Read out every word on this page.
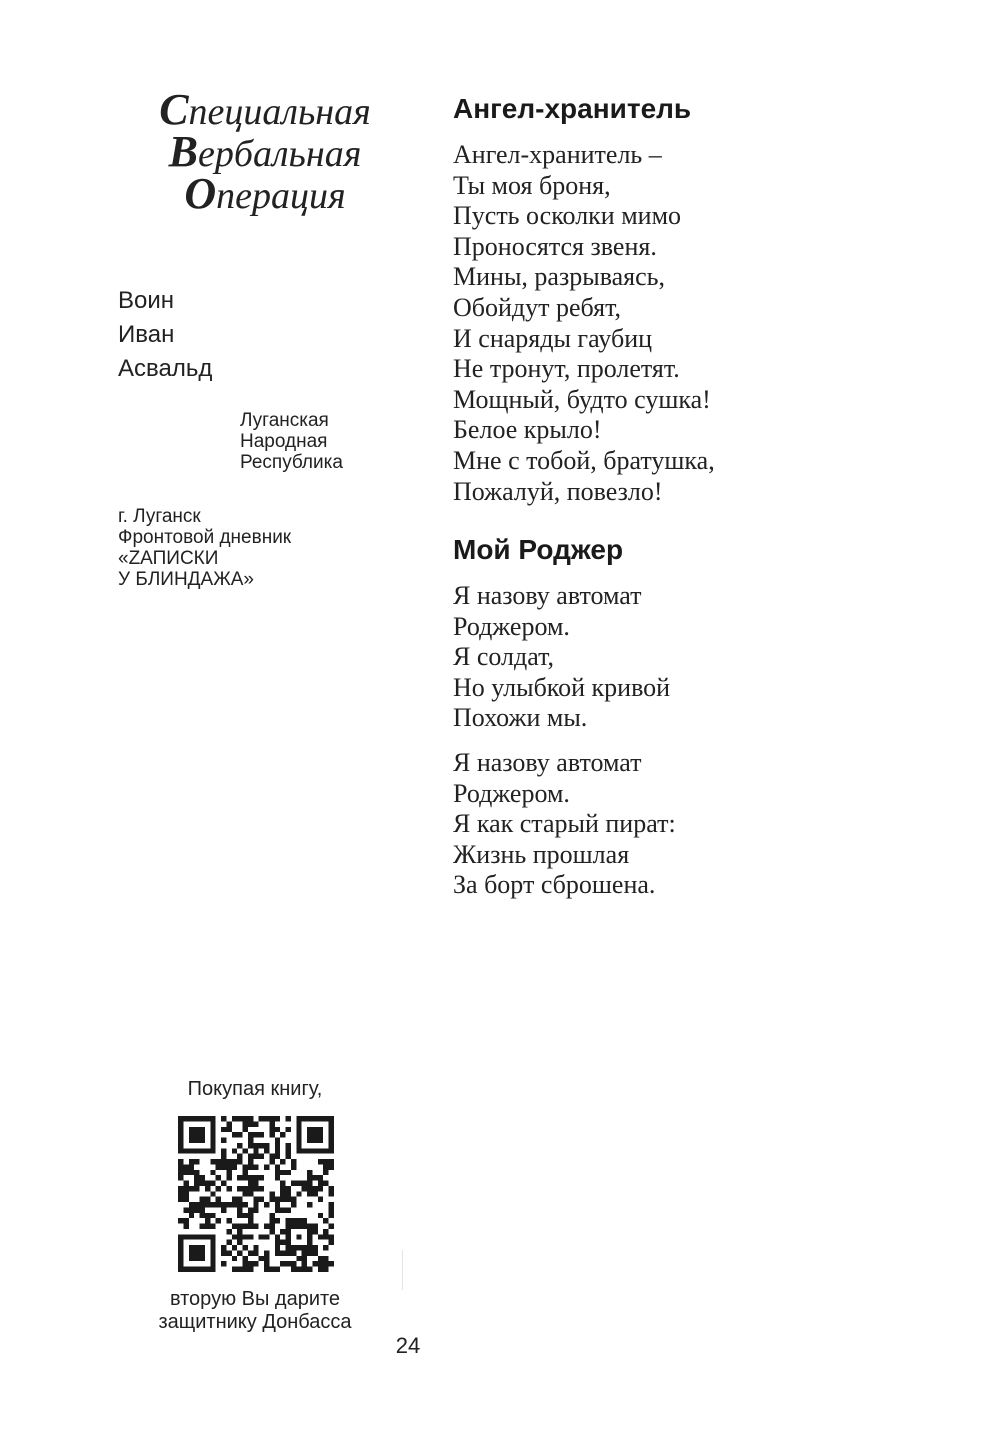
Специальная
Вербальная
Операция
Воин
Иван
Асвальд
Луганская
Народная
Республика
г. Луганск
Фронтовой дневник
«ZАПИСКИ
У БЛИНДАЖА»
Ангел-хранитель
Ангел-хранитель –
Ты моя броня,
Пусть осколки мимо
Проносятся звеня.
Мины, разрываясь,
Обойдут ребят,
И снаряды гаубиц
Не тронут, пролетят.
Мощный, будто сушка!
Белое крыло!
Мне с тобой, братушка,
Пожалуй, повезло!
Мой Роджер
Я назову автомат
Роджером.
Я солдат,
Но улыбкой кривой
Похожи мы.
Я назову автомат
Роджером.
Я как старый пират:
Жизнь прошлая
За борт сброшена.
Покупая книгу,
вторую Вы дарите
защитнику Донбасса
24
